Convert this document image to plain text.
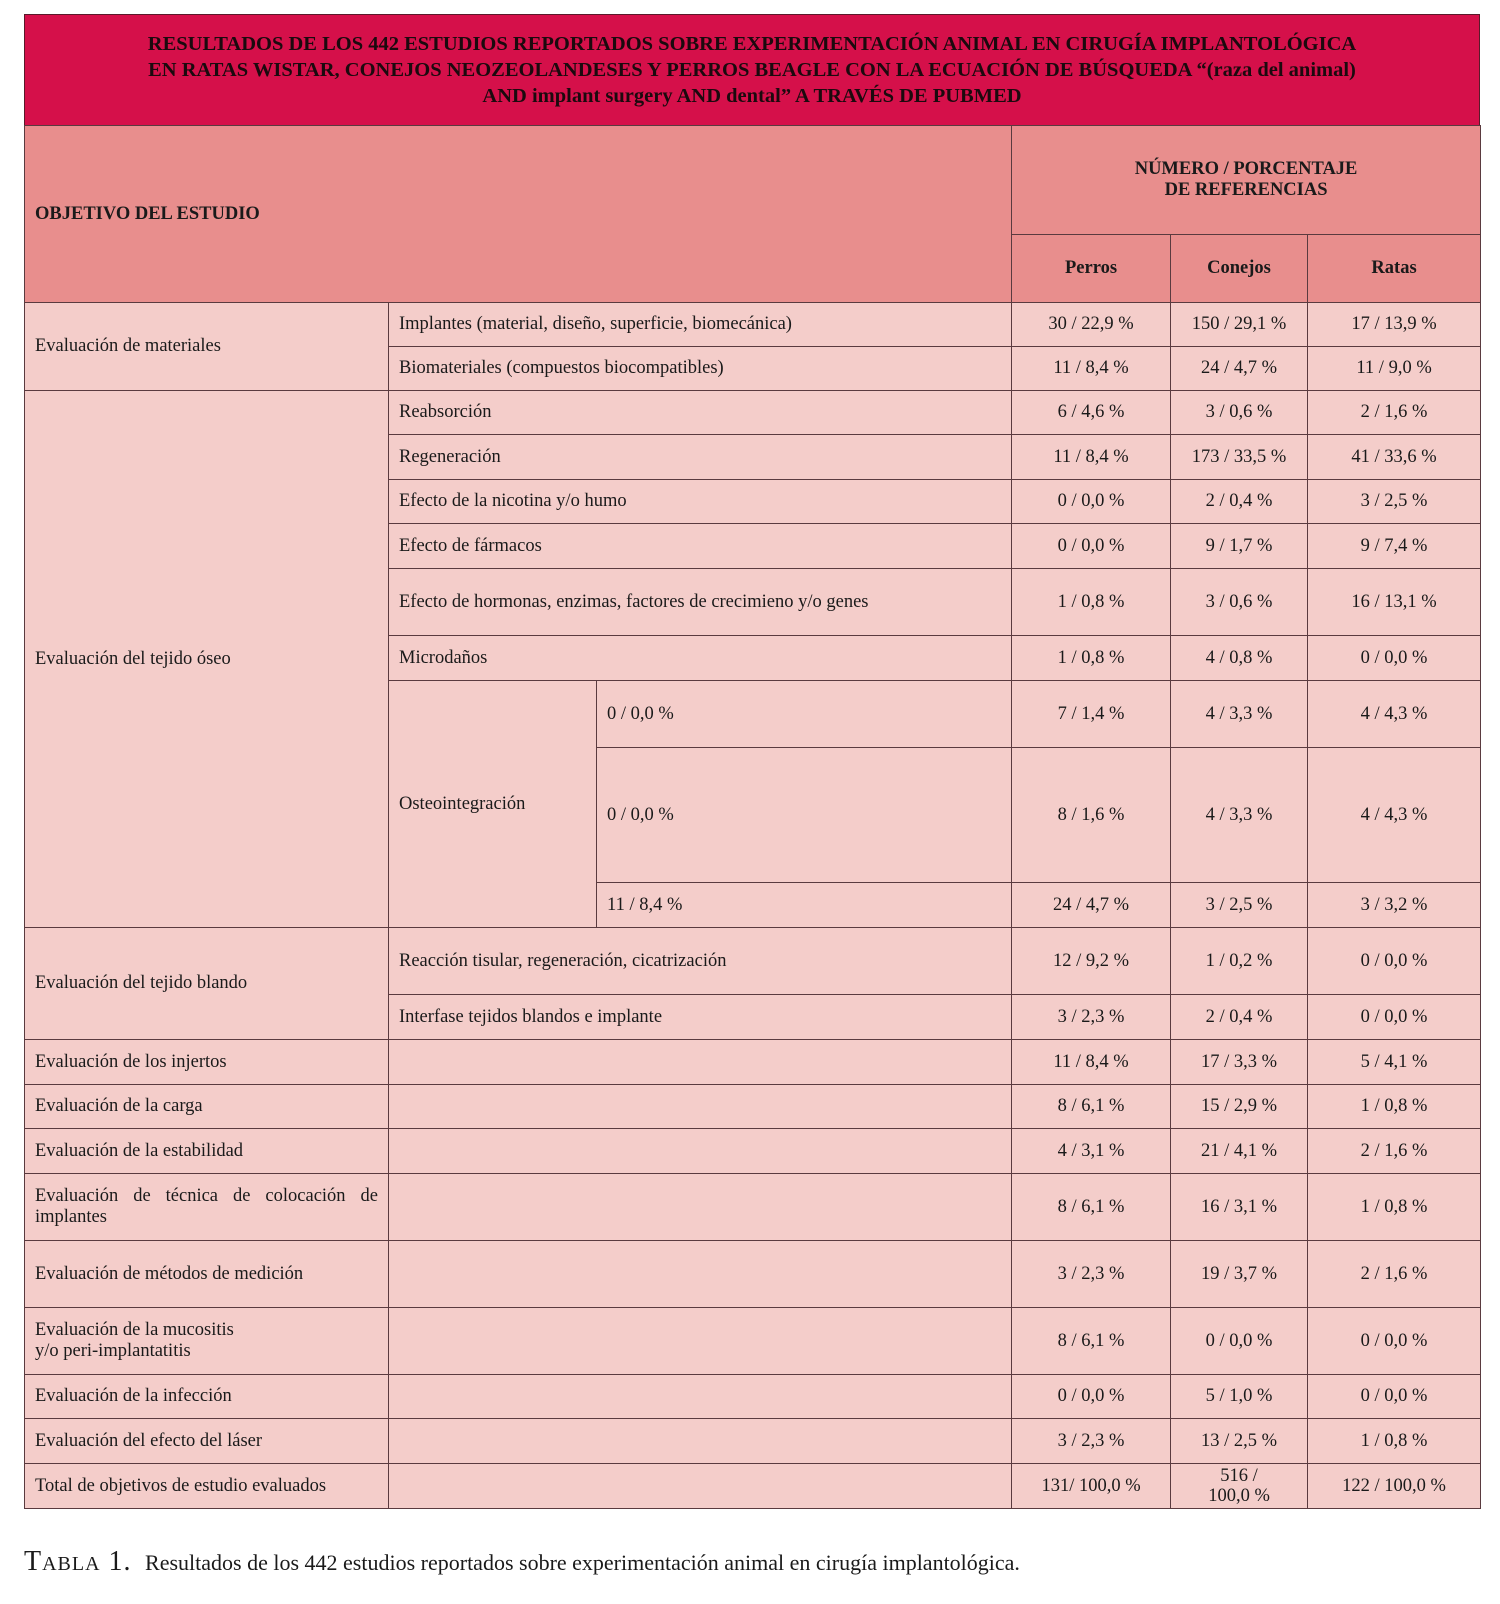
RESULTADOS DE LOS 442 ESTUDIOS REPORTADOS SOBRE EXPERIMENTACIÓN ANIMAL EN CIRUGÍA IMPLANTOLÓGICA
EN RATAS WISTAR, CONEJOS NEOZEOLANDESES Y PERROS BEAGLE CON LA ECUACIÓN DE BÚSQUEDA “(raza del animal)
AND implant surgery AND dental” A TRAVÉS DE PUBMED
OBJETIVO DEL ESTUDIO			NÚMERO / PORCENTAJE
DE REFERENCIAS		

			Perros	Conejos	Ratas
Evaluación de materiales	Implantes (material, diseño, superficie, biomecánica)		30 / 22,9 %	150 / 29,1 %	17 / 13,9 %
	Biomateriales (compuestos biocompatibles)		11 / 8,4 %	24 / 4,7 %	11 / 9,0 %
Evaluación del tejido óseo	Reabsorción		6 / 4,6 %	3 / 0,6 %	2 / 1,6 %
	Regeneración		11 / 8,4 %	173 / 33,5 %	41 / 33,6 %
	Efecto de la nicotina y/o humo		0 / 0,0 %	2 / 0,4 %	3 / 2,5 %
	Efecto de fármacos		0 / 0,0 %	9 / 1,7 %	9 / 7,4 %
	Efecto de hormonas, enzimas, factores de crecimieno y/o genes		1 / 0,8 %	3 / 0,6 %	16 / 13,1 %
	Microdaños		1 / 0,8 %	4 / 0,8 %	0 / 0,0 %
	Osteointegración	0 / 0,0 %	7 / 1,4 %	4 / 3,3 %	4 / 4,3 %
		0 / 0,0 %	8 / 1,6 %	4 / 3,3 %	4 / 4,3 %
		11 / 8,4 %	24 / 4,7 %	3 / 2,5 %	3 / 3,2 %
Evaluación del tejido blando	Reacción tisular, regeneración, cicatrización		12 / 9,2 %	1 / 0,2 %	0 / 0,0 %
	Interfase tejidos blandos e implante		3 / 2,3 %	2 / 0,4 %	0 / 0,0 %
Evaluación de los injertos			11 / 8,4 %	17 / 3,3 %	5 / 4,1 %
Evaluación de la carga			8 / 6,1 %	15 / 2,9 %	1 / 0,8 %
Evaluación de la estabilidad			4 / 3,1 %	21 / 4,1 %	2 / 1,6 %

Evaluación de técnica de colocación de
implantes			8 / 6,1 %	16 / 3,1 %	1 / 0,8 %
Evaluación de métodos de medición			3 / 2,3 %	19 / 3,7 %	2 / 1,6 %

Evaluación de la mucositis
y/o peri-implantatitis			8 / 6,1 %	0 / 0,0 %	0 / 0,0 %
Evaluación de la infección			0 / 0,0 %	5 / 1,0 %	0 / 0,0 %
Evaluación del efecto del láser			3 / 2,3 %	13 / 2,5 %	1 / 0,8 %
Total de objetivos de estudio evaluados			131/ 100,0 %	516 /
100,0 %	122 / 100,0 %
Tabla 1. Resultados de los 442 estudios reportados sobre experimentación animal en cirugía implantológica.
